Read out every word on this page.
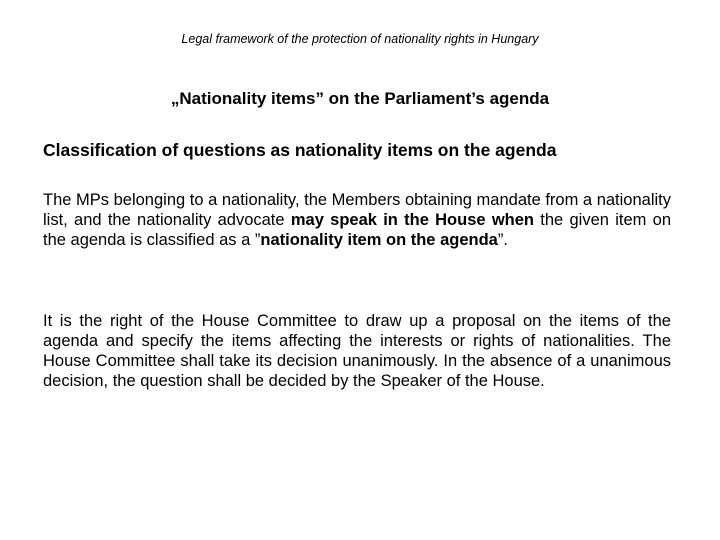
Legal framework of the protection of nationality rights in Hungary
„Nationality items” on the Parliament’s agenda
Classification of questions as nationality items on the agenda
The MPs belonging to a nationality, the Members obtaining mandate from a nationality list, and the nationality advocate may speak in the House when the given item on the agenda is classified as a ”nationality item on the agenda”.
It is the right of the House Committee to draw up a proposal on the items of the agenda and specify the items affecting the interests or rights of nationalities. The House Committee shall take its decision unanimously. In the absence of a unanimous decision, the question shall be decided by the Speaker of the House.
